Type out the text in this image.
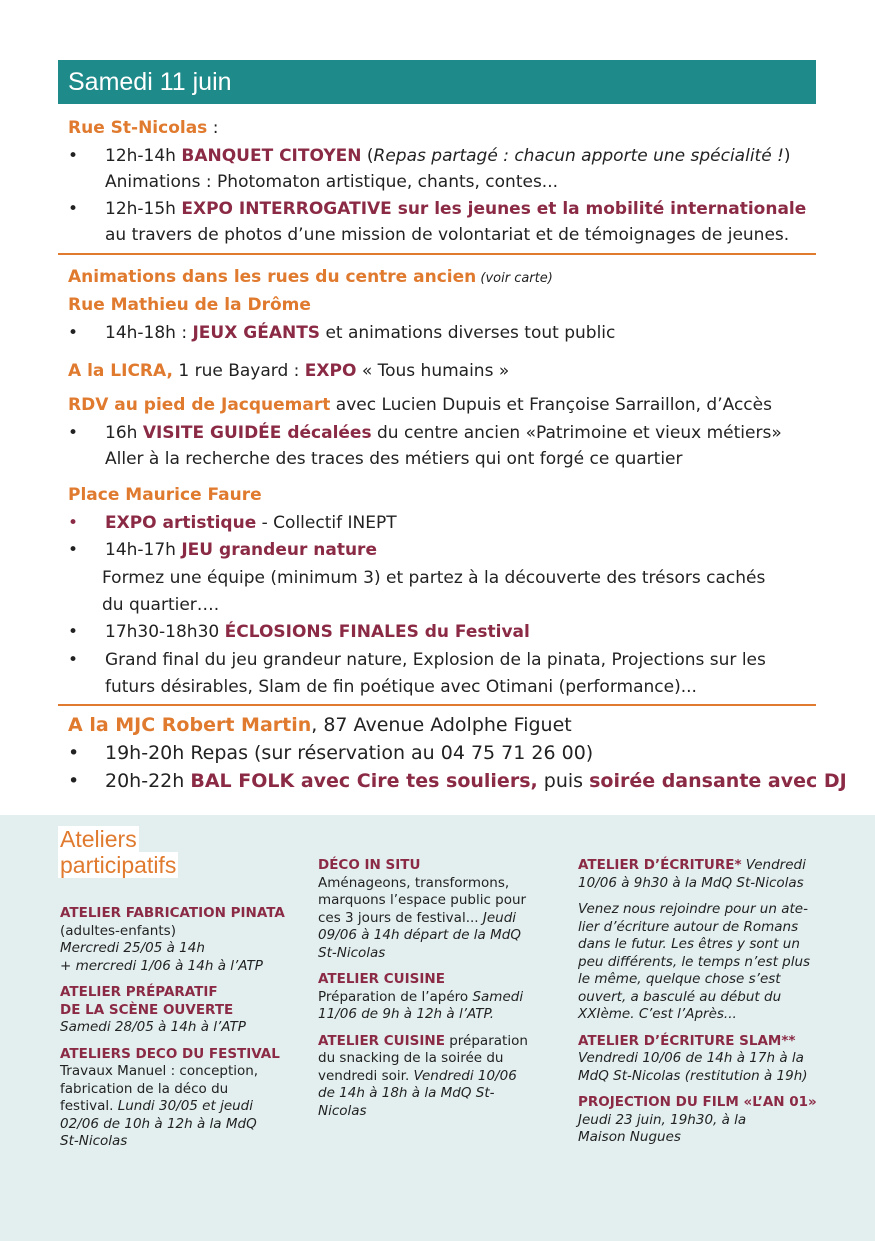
Samedi 11 juin
Rue St-Nicolas :
• 12h-14h BANQUET CITOYEN (Repas partagé : chacun apporte une spécialité !)
Animations : Photomaton artistique, chants, contes...
• 12h-15h EXPO INTERROGATIVE sur les jeunes et la mobilité internationale
au travers de photos d’une mission de volontariat et de témoignages de jeunes.
Animations dans les rues du centre ancien (voir carte)
Rue Mathieu de la Drôme
• 14h-18h : JEUX GÉANTS et animations diverses tout public
A la LICRA, 1 rue Bayard : EXPO « Tous humains »
RDV au pied de Jacquemart avec Lucien Dupuis et Françoise Sarraillon, d’Accès
• 16h VISITE GUIDÉE décalées du centre ancien «Patrimoine et vieux métiers»
Aller à la recherche des traces des métiers qui ont forgé ce quartier
Place Maurice Faure
• EXPO artistique - Collectif INEPT
• 14h-17h JEU grandeur nature
Formez une équipe (minimum 3) et partez à la découverte des trésors cachés
du quartier….
• 17h30-18h30 ÉCLOSIONS FINALES du Festival
• Grand final du jeu grandeur nature, Explosion de la pinata, Projections sur les
futurs désirables, Slam de fin poétique avec Otimani (performance)...
A la MJC Robert Martin, 87 Avenue Adolphe Figuet
• 19h-20h Repas (sur réservation au 04 75 71 26 00)
• 20h-22h BAL FOLK avec Cire tes souliers, puis soirée dansante avec DJ
Ateliers
participatifs

ATELIER FABRICATION PINATA

(adultes-enfants)

Mercredi 25/05 à 14h

+ mercredi 1/06 à 14h à l’ATP

ATELIER PRÉPARATIF

DE LA SCÈNE OUVERTE

Samedi 28/05 à 14h à l’ATP

ATELIERS DECO DU FESTIVAL

Travaux Manuel : conception,

fabrication de la déco du

festival. Lundi 30/05 et jeudi

02/06 de 10h à 12h à la MdQ

St-Nicolas

DÉCO IN SITU

Aménageons, transformons,

marquons l’espace public pour

ces 3 jours de festival... Jeudi

09/06 à 14h départ de la MdQ

St-Nicolas

ATELIER CUISINE

Préparation de l’apéro Samedi

11/06 de 9h à 12h à l’ATP.

ATELIER CUISINE préparation

du snacking de la soirée du

vendredi soir. Vendredi 10/06

de 14h à 18h à la MdQ St-

Nicolas

ATELIER D’ÉCRITURE* Vendredi

10/06 à 9h30 à la MdQ St-Nicolas

Venez nous rejoindre pour un ate-

lier d’écriture autour de Romans

dans le futur. Les êtres y sont un

peu différents, le temps n’est plus

le même, quelque chose s’est

ouvert, a basculé au début du

XXIème. C’est l’Après...

ATELIER D’ÉCRITURE SLAM**

Vendredi 10/06 de 14h à 17h à la

MdQ St-Nicolas (restitution à 19h)

PROJECTION DU FILM «L’AN 01»

Jeudi 23 juin, 19h30, à la

Maison Nugues
